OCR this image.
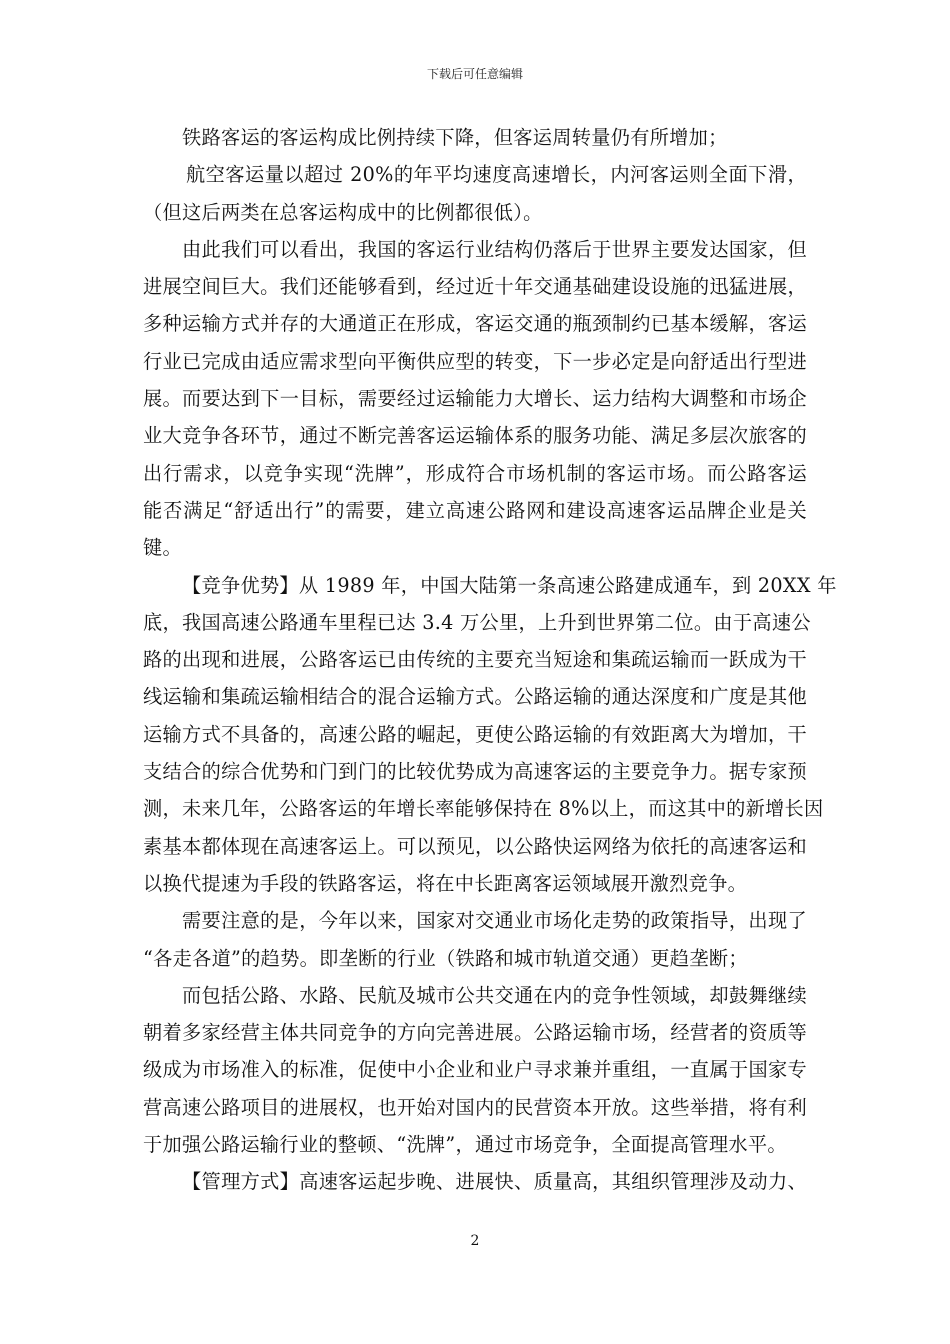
下载后可任意编辑
铁路客运的客运构成比例持续下降，但客运周转量仍有所增加；
航空客运量以超过 20%的年平均速度高速增长，内河客运则全面下滑，
（但这后两类在总客运构成中的比例都很低）。
由此我们可以看出，我国的客运行业结构仍落后于世界主要发达国家，但
进展空间巨大。我们还能够看到，经过近十年交通基础建设设施的迅猛进展，
多种运输方式并存的大通道正在形成，客运交通的瓶颈制约已基本缓解，客运
行业已完成由适应需求型向平衡供应型的转变，下一步必定是向舒适出行型进
展。而要达到下一目标，需要经过运输能力大增长、运力结构大调整和市场企
业大竞争各环节，通过不断完善客运运输体系的服务功能、满足多层次旅客的
出行需求，以竞争实现“洗牌”，形成符合市场机制的客运市场。而公路客运
能否满足“舒适出行”的需要，建立高速公路网和建设高速客运品牌企业是关
键。
【竞争优势】从 1989 年，中国大陆第一条高速公路建成通车，到 20XX 年
底，我国高速公路通车里程已达 3.4 万公里，上升到世界第二位。由于高速公
路的出现和进展，公路客运已由传统的主要充当短途和集疏运输而一跃成为干
线运输和集疏运输相结合的混合运输方式。公路运输的通达深度和广度是其他
运输方式不具备的，高速公路的崛起，更使公路运输的有效距离大为增加，干
支结合的综合优势和门到门的比较优势成为高速客运的主要竞争力。据专家预
测，未来几年，公路客运的年增长率能够保持在 8%以上，而这其中的新增长因
素基本都体现在高速客运上。可以预见，以公路快运网络为依托的高速客运和
以换代提速为手段的铁路客运，将在中长距离客运领域展开激烈竞争。
需要注意的是，今年以来，国家对交通业市场化走势的政策指导，出现了
“各走各道”的趋势。即垄断的行业（铁路和城市轨道交通）更趋垄断；
而包括公路、水路、民航及城市公共交通在内的竞争性领域，却鼓舞继续
朝着多家经营主体共同竞争的方向完善进展。公路运输市场，经营者的资质等
级成为市场准入的标准，促使中小企业和业户寻求兼并重组，一直属于国家专
营高速公路项目的进展权，也开始对国内的民营资本开放。这些举措，将有利
于加强公路运输行业的整顿、“洗牌”，通过市场竞争，全面提高管理水平。
【管理方式】高速客运起步晚、进展快、质量高，其组织管理涉及动力、
2
